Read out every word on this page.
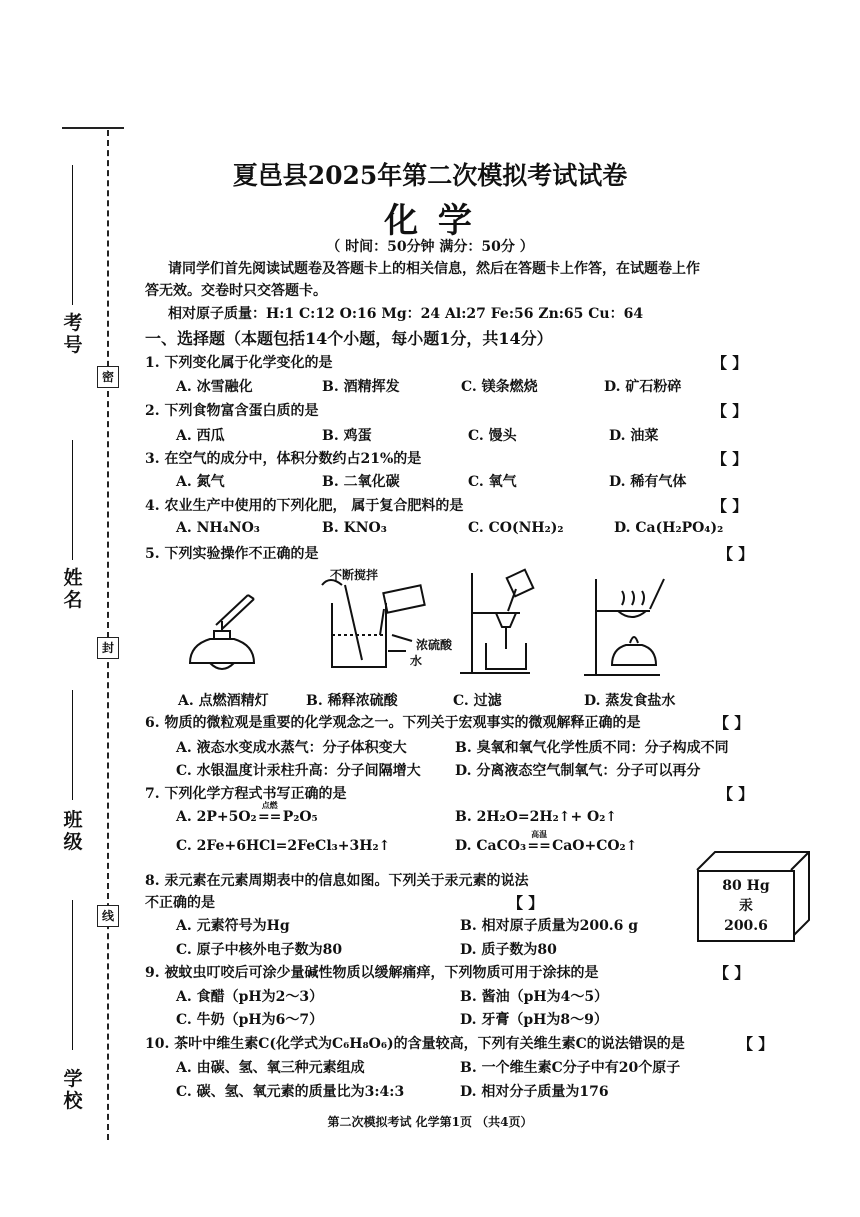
考号
姓名
班级
学校
密
封
线
夏邑县2025年第二次模拟考试试卷
化 学
（ 时间：50分钟 满分：50分 ）
请同学们首先阅读试题卷及答题卡上的相关信息，然后在答题卡上作答，在试题卷上作
答无效。交卷时只交答题卡。
相对原子质量：H:1 C:12 O:16 Mg：24 Al:27 Fe:56 Zn:65 Cu：64
一、选择题（本题包括14个小题，每小题1分，共14分）
1. 下列变化属于化学变化的是	【 】
A. 冰雪融化	B. 酒精挥发	C. 镁条燃烧	D. 矿石粉碎
2. 下列食物富含蛋白质的是	【 】
A. 西瓜	B. 鸡蛋	C. 馒头	D. 油菜
3. 在空气的成分中，体积分数约占21%的是	【 】
A. 氮气	B. 二氧化碳	C. 氧气	D. 稀有气体
4. 农业生产中使用的下列化肥， 属于复合肥料的是	【 】
A. NH₄NO₃	B. KNO₃	C. CO(NH₂)₂	D. Ca(H₂PO₄)₂
5. 下列实验操作不正确的是	【 】
不断搅拌
浓硫酸
水
A. 点燃酒精灯	B. 稀释浓硫酸	C. 过滤	D. 蒸发食盐水
6. 物质的微粒观是重要的化学观念之一。下列关于宏观事实的微观解释正确的是	【 】
A. 液态水变成水蒸气：分子体积变大	B. 臭氧和氧气化学性质不同：分子构成不同
C. 水银温度计汞柱升高：分子间隔增大 D. 分离液态空气制氧气：分子可以再分
7. 下列化学方程式书写正确的是	【 】
A. 2P+5O₂
点燃
==P₂O₅	B. 2H₂O=2H₂↑+ O₂↑
C. 2Fe+6HCl=2FeCl₃+3H₂↑	D. CaCO₃
高温
==CaO+CO₂↑
8. 汞元素在元素周期表中的信息如图。下列关于汞元素的说法
不正确的是	【 】
A. 元素符号为Hg	B. 相对原子质量为200.6 g
C. 原子中核外电子数为80	D. 质子数为80
80 Hg
汞
200.6
9. 被蚊虫叮咬后可涂少量碱性物质以缓解痛痒，下列物质可用于涂抹的是	【 】
A. 食醋（pH为2～3）	B. 酱油（pH为4～5）
C. 牛奶（pH为6～7）	D. 牙膏（pH为8～9）
10. 茶叶中维生素C(化学式为C₆H₈O₆)的含量较高，下列有关维生素C的说法错误的是	【 】
A. 由碳、氢、氧三种元素组成	B. 一个维生素C分子中有20个原子
C. 碳、氢、氧元素的质量比为3:4:3	D. 相对分子质量为176
第二次模拟考试 化学第1页 （共4页）
